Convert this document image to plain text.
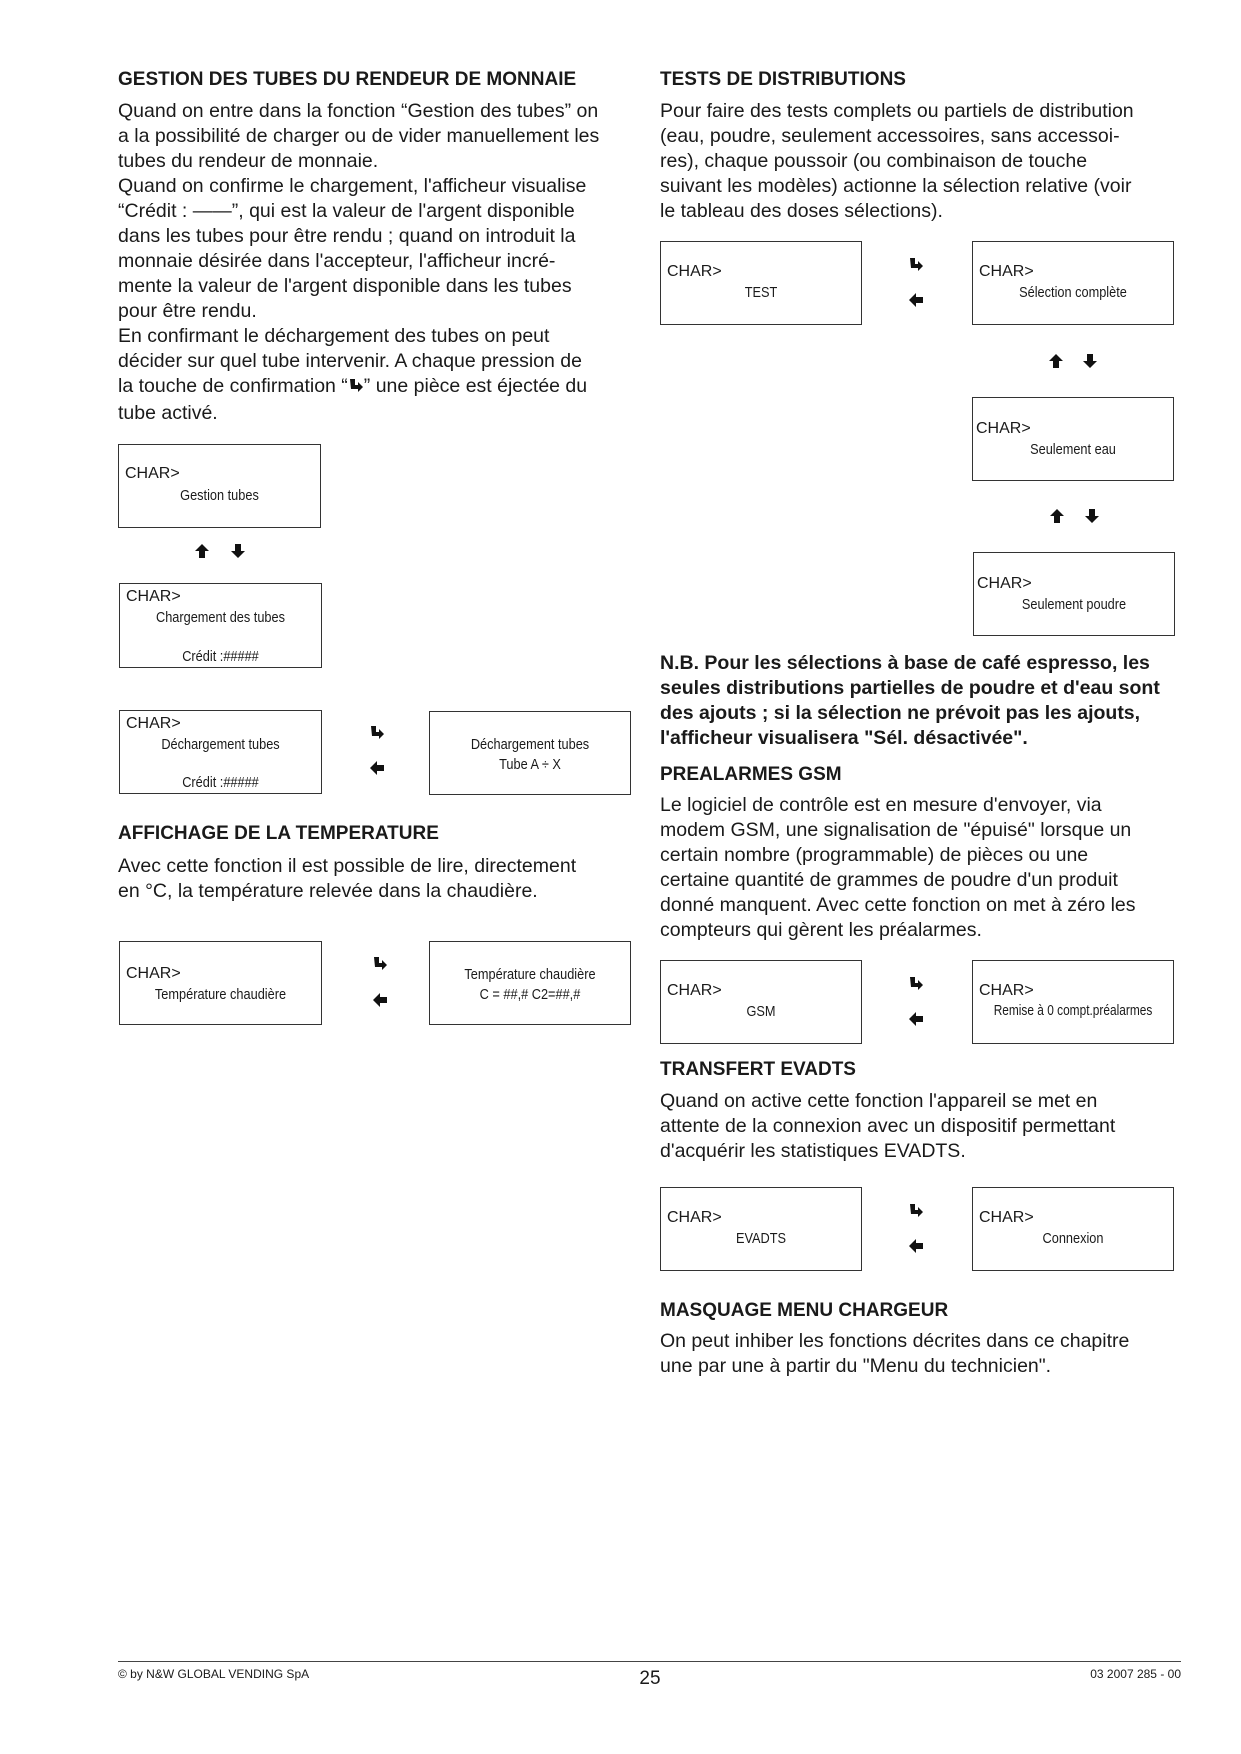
GESTION DES TUBES DU RENDEUR DE MONNAIE
Quand on entre dans la fonction “Gestion des tubes” on
a la possibilité de charger ou de vider manuellement les
tubes du rendeur de monnaie.
Quand on confirme le chargement, l'afficheur visualise
“Crédit : ——”, qui est la valeur de l'argent disponible
dans les tubes pour être rendu ; quand on introduit la
monnaie désirée dans l'accepteur, l'afficheur incré-
mente la valeur de l'argent disponible dans les tubes
pour être rendu.
En confirmant le déchargement des tubes on peut
décider sur quel tube intervenir. A chaque pression de
la touche de confirmation “ ” une pièce est éjectée du
tube activé.
CHAR>
Gestion tubes
CHAR>
Chargement des tubes
Crédit :#####
CHAR>
Déchargement tubes
Crédit :#####
Déchargement tubes
Tube A ÷ X
AFFICHAGE DE LA TEMPERATURE
Avec cette fonction il est possible de lire, directement
en °C, la température relevée dans la chaudière.
CHAR>
Température chaudière
Température chaudière
C = ##,# C2=##,#
TESTS DE DISTRIBUTIONS
Pour faire des tests complets ou partiels de distribution
(eau, poudre, seulement accessoires, sans accessoi-
res), chaque poussoir (ou combinaison de touche
suivant les modèles) actionne la sélection relative (voir
le tableau des doses sélections).
CHAR>
TEST
CHAR>
Sélection complète
CHAR>
Seulement eau
CHAR>
Seulement poudre
N.B. Pour les sélections à base de café espresso, les
seules distributions partielles de poudre et d'eau sont
des ajouts ; si la sélection ne prévoit pas les ajouts,
l'afficheur visualisera "Sél. désactivée".
PREALARMES GSM
Le logiciel de contrôle est en mesure d'envoyer, via
modem GSM, une signalisation de "épuisé" lorsque un
certain nombre (programmable) de pièces ou une
certaine quantité de grammes de poudre d'un produit
donné manquent. Avec cette fonction on met à zéro les
compteurs qui gèrent les préalarmes.
CHAR>
GSM
CHAR>
Remise à 0 compt.préalarmes
TRANSFERT EVADTS
Quand on active cette fonction l'appareil se met en
attente de la connexion avec un dispositif permettant
d'acquérir les statistiques EVADTS.
CHAR>
EVADTS
CHAR>
Connexion
MASQUAGE MENU CHARGEUR
On peut inhiber les fonctions décrites dans ce chapitre
une par une à partir du "Menu du technicien".
© by N&W GLOBAL VENDING SpA	25	03 2007 285 - 00
